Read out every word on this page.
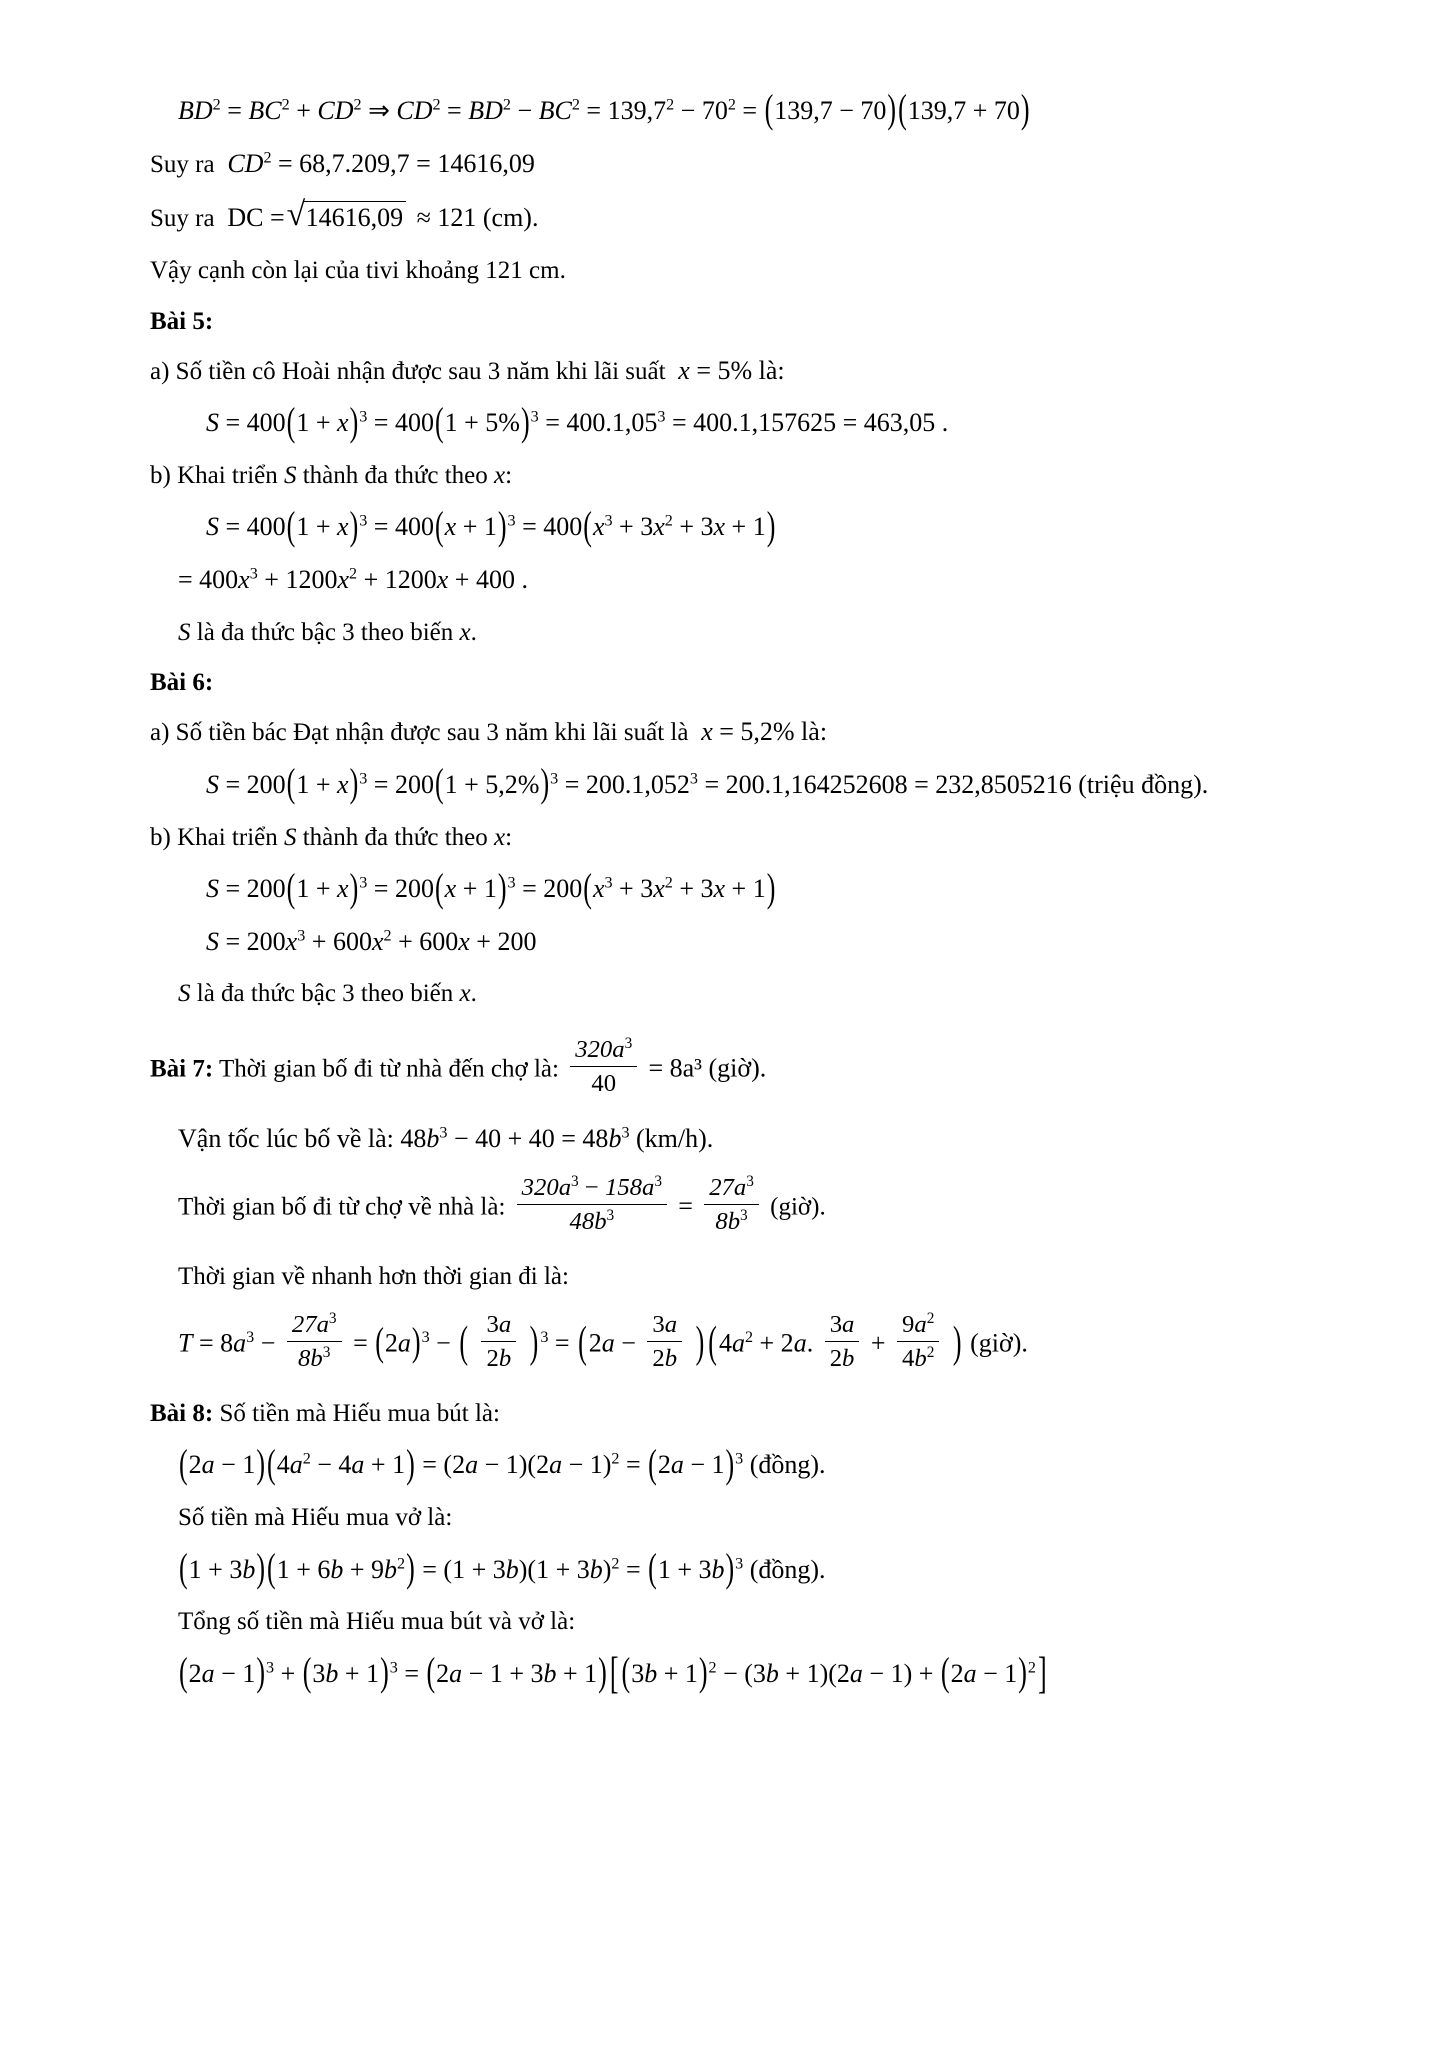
$BD^2 = BC^2 + CD^2$ ⇒ $CD^2 = BD^2 - BC^2 = 139,7^2 - 70^2 = (139,7 - 70)(139,7 + 70)$
Suy ra $CD^2 = 68,7.209,7 = 14616,09$
Suy ra DC = √ 14616,09 ≈ 121 (cm).
Vậy cạnh còn lại của tivi khoảng 121 cm.
Bài 5:
a) Số tiền cô Hoài nhận được sau 3 năm khi lãi suất x = 5% là:
$S = 400(1 + x)^3 = 400(1 + 5\%)^3 = 400.1,05^3 = 400.1,157625 = 463,05$ .
b) Khai triển S thành đa thức theo x:
$S = 400(1 + x)^3 = 400(x + 1)^3 = 400(x^3 + 3x^2 + 3x + 1)$
= $400x^3 + 1200x^2 + 1200x + 400$ .
S là đa thức bậc 3 theo biến x.
Bài 6:
a) Số tiền bác Đạt nhận được sau 3 năm khi lãi suất là x = 5,2% là:
$S = 200(1 + x)^3 = 200(1 + 5,2\%)^3 = 200.1,052^3 = 200.1,164252608 = 232,8505216$ (triệu đồng).
b) Khai triển S thành đa thức theo x:
$S = 200(1 + x)^3 = 200(x + 1)^3 = 200(x^3 + 3x^2 + 3x + 1)$
$S = 200x^3 + 600x^2 + 600x + 200$
S là đa thức bậc 3 theo biến x.
Bài 7: Thời gian bố đi từ nhà đến chợ là: $\frac{320a^3}{40} = 8a^3$ (giờ).
Vận tốc lúc bố về là: $48b^3 - 40 + 40 = 48b^3$ (km/h).
Thời gian bố đi từ chợ về nhà là: $\frac{320a^3 - 158a^3}{48b^3} = \frac{27a^3}{8b^3}$ (giờ).
Thời gian về nhanh hơn thời gian đi là:
$T = 8a^3 - \frac{27a^3}{8b^3} = (2a)^3$ − ( $\frac{3a}{2b}$ ) $^3 = (2a - \frac{3a}{2b}$ ) ($4a^2 + 2a$. $\frac{3a}{2b} + \frac{9a^2}{4b^2}$ ) (giờ).
Bài 8: Số tiền mà Hiếu mua bút là:
$(2a - 1)(4a^2 - 4a + 1) = (2a - 1)(2a - 1)^2 = (2a - 1)^3$ (đồng).
Số tiền mà Hiếu mua vở là:
$(1 + 3b)(1 + 6b + 9b^2) = (1 + 3b)(1 + 3b)^2 = (1 + 3b)^3$ (đồng).
Tổng số tiền mà Hiếu mua bút và vở là:
$(2a - 1)^3 + (3b + 1)^3 = (2a - 1 + 3b + 1)$ [ $(3b + 1)^2 - (3b + 1)(2a - 1) + (2a - 1)^2$]
